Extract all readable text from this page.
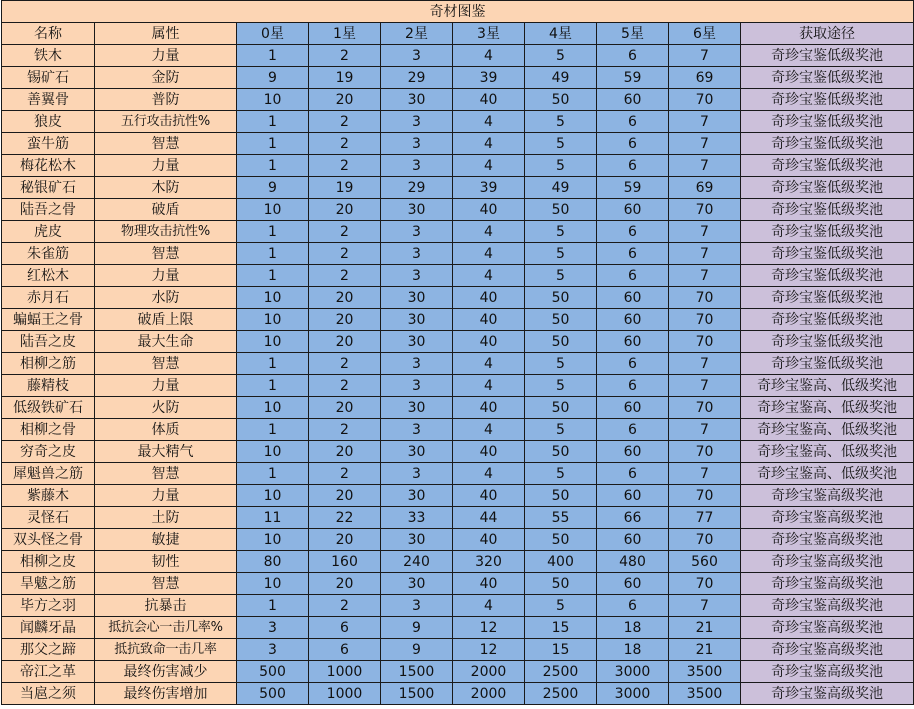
奇材图鉴									
名称	属性	0星	1星	2星	3星	4星	5星	6星	获取途径
铁木	力量	1	2	3	4	5	6	7	奇珍宝鉴低级奖池
锡矿石	金防	9	19	29	39	49	59	69	奇珍宝鉴低级奖池
善翼骨	普防	10	20	30	40	50	60	70	奇珍宝鉴低级奖池
狼皮	五行攻击抗性%	1	2	3	4	5	6	7	奇珍宝鉴低级奖池
蛮牛筋	智慧	1	2	3	4	5	6	7	奇珍宝鉴低级奖池
梅花松木	力量	1	2	3	4	5	6	7	奇珍宝鉴低级奖池
秘银矿石	木防	9	19	29	39	49	59	69	奇珍宝鉴低级奖池
陆吾之骨	破盾	10	20	30	40	50	60	70	奇珍宝鉴低级奖池
虎皮	物理攻击抗性%	1	2	3	4	5	6	7	奇珍宝鉴低级奖池
朱雀筋	智慧	1	2	3	4	5	6	7	奇珍宝鉴低级奖池
红松木	力量	1	2	3	4	5	6	7	奇珍宝鉴低级奖池
赤月石	水防	10	20	30	40	50	60	70	奇珍宝鉴低级奖池
蝙蝠王之骨	破盾上限	10	20	30	40	50	60	70	奇珍宝鉴低级奖池
陆吾之皮	最大生命	10	20	30	40	50	60	70	奇珍宝鉴低级奖池
相柳之筋	智慧	1	2	3	4	5	6	7	奇珍宝鉴低级奖池
藤精枝	力量	1	2	3	4	5	6	7	奇珍宝鉴高、低级奖池
低级铁矿石	火防	10	20	30	40	50	60	70	奇珍宝鉴高、低级奖池
相柳之骨	体质	1	2	3	4	5	6	7	奇珍宝鉴高、低级奖池
穷奇之皮	最大精气	10	20	30	40	50	60	70	奇珍宝鉴高、低级奖池
犀魁兽之筋	智慧	1	2	3	4	5	6	7	奇珍宝鉴高、低级奖池
紫藤木	力量	10	20	30	40	50	60	70	奇珍宝鉴高级奖池
灵怪石	土防	11	22	33	44	55	66	77	奇珍宝鉴高级奖池
双头怪之骨	敏捷	10	20	30	40	50	60	70	奇珍宝鉴高级奖池
相柳之皮	韧性	80	160	240	320	400	480	560	奇珍宝鉴高级奖池
旱魃之筋	智慧	10	20	30	40	50	60	70	奇珍宝鉴高级奖池
毕方之羽	抗暴击	1	2	3	4	5	6	7	奇珍宝鉴高级奖池
闻麟牙晶	抵抗会心一击几率%	3	6	9	12	15	18	21	奇珍宝鉴高级奖池
那父之蹄	抵抗致命一击几率	3	6	9	12	15	18	21	奇珍宝鉴高级奖池
帝江之革	最终伤害减少	500	1000	1500	2000	2500	3000	3500	奇珍宝鉴高级奖池
当扈之须	最终伤害增加	500	1000	1500	2000	2500	3000	3500	奇珍宝鉴高级奖池
